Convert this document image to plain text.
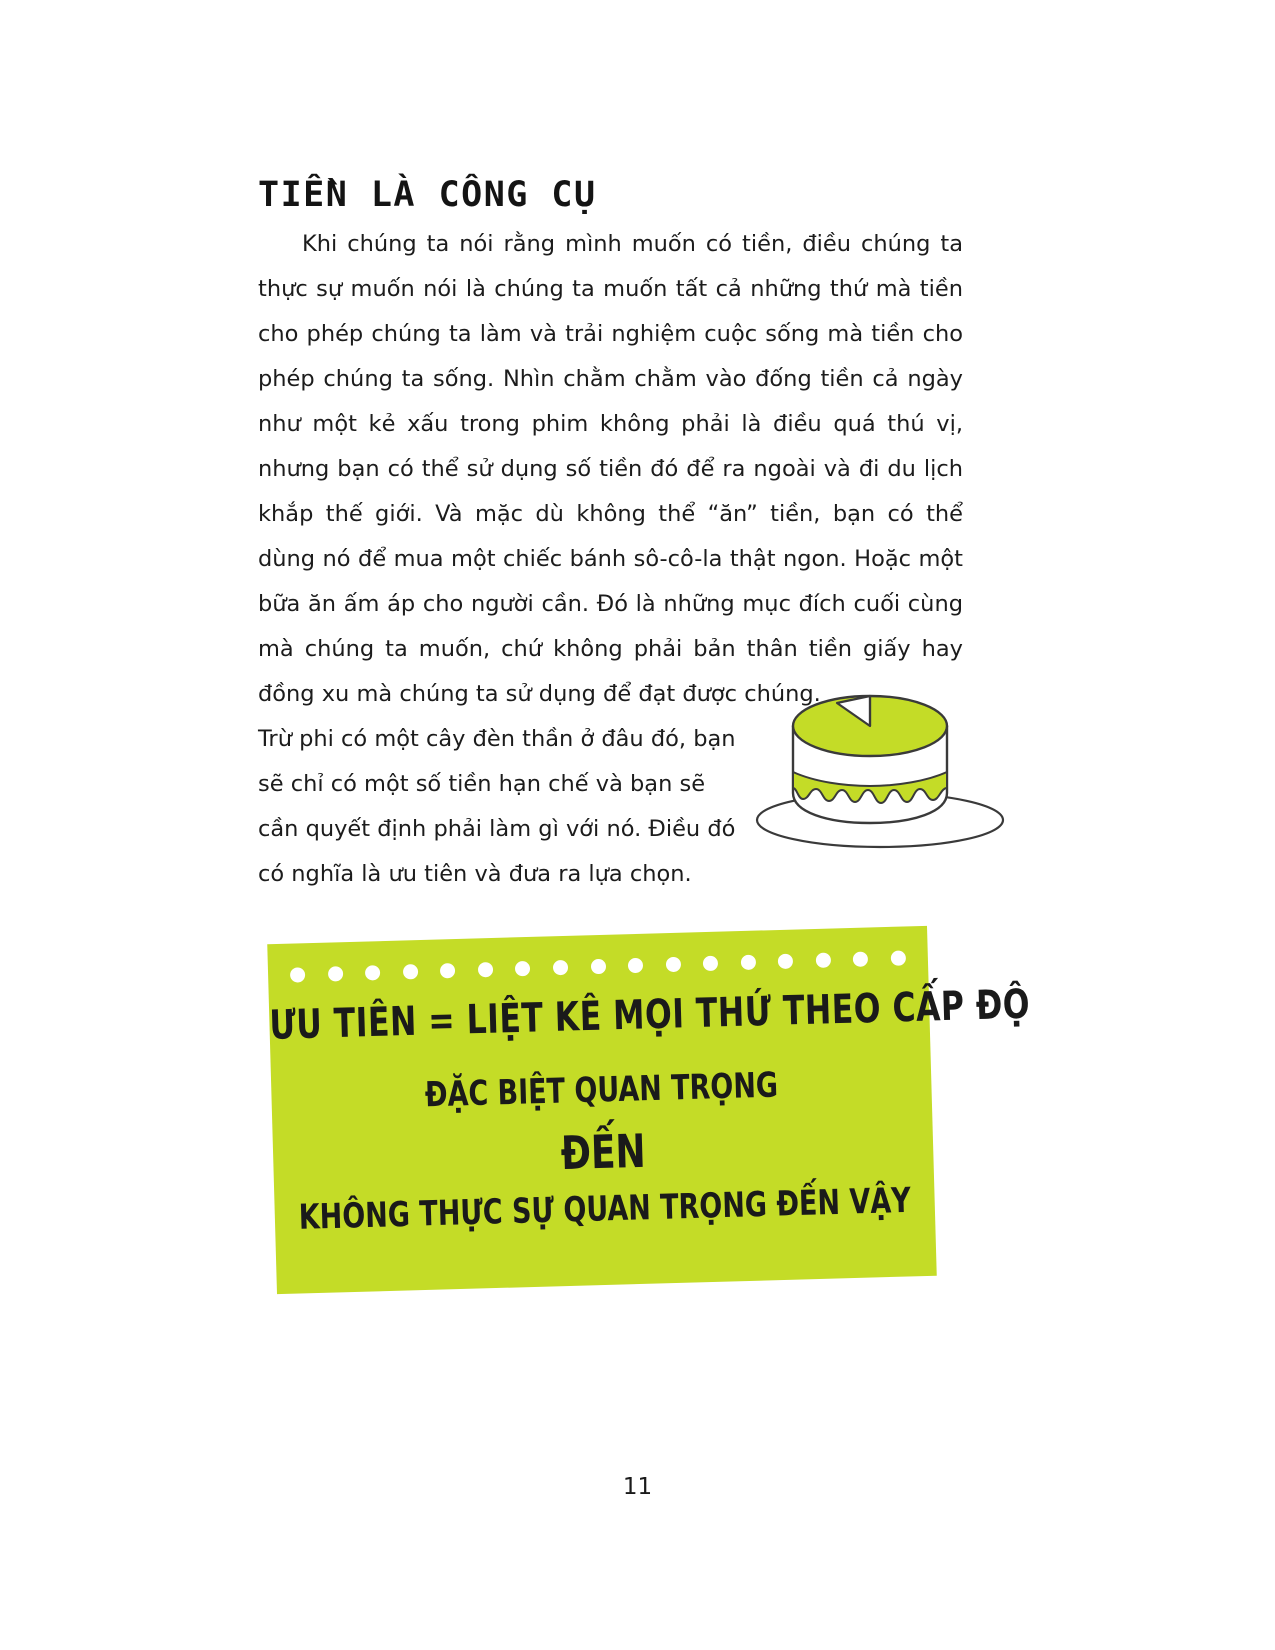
TIỀN LÀ CÔNG CỤ

Khi chúng ta nói rằng mình muốn có tiền, điều chúng ta thực sự muốn nói là chúng ta muốn tất cả những thứ mà tiền cho phép chúng ta làm và trải nghiệm cuộc sống mà tiền cho phép chúng ta sống. Nhìn chằm chằm vào đống tiền cả ngày như một kẻ xấu trong phim không phải là điều quá thú vị, nhưng bạn có thể sử dụng số tiền đó để ra ngoài và đi du lịch khắp thế giới. Và mặc dù không thể “ăn” tiền, bạn có thể dùng nó để mua một chiếc bánh sô-cô-la thật ngon. Hoặc một bữa ăn ấm áp cho người cần. Đó là những mục đích cuối cùng mà chúng ta muốn, chứ không phải bản thân tiền giấy hay đồng xu mà chúng ta sử dụng để đạt được chúng.

Trừ phi có một cây đèn thần ở đâu đó, bạn sẽ chỉ có một số tiền hạn chế và bạn sẽ cần quyết định phải làm gì với nó. Điều đó có nghĩa là ưu tiên và đưa ra lựa chọn.

ƯU TIÊN = LIỆT KÊ MỌI THỨ THEO CẤP ĐỘ
ĐẶC BIỆT QUAN TRỌNG
ĐẾN
KHÔNG THỰC SỰ QUAN TRỌNG ĐẾN VẬY
11
